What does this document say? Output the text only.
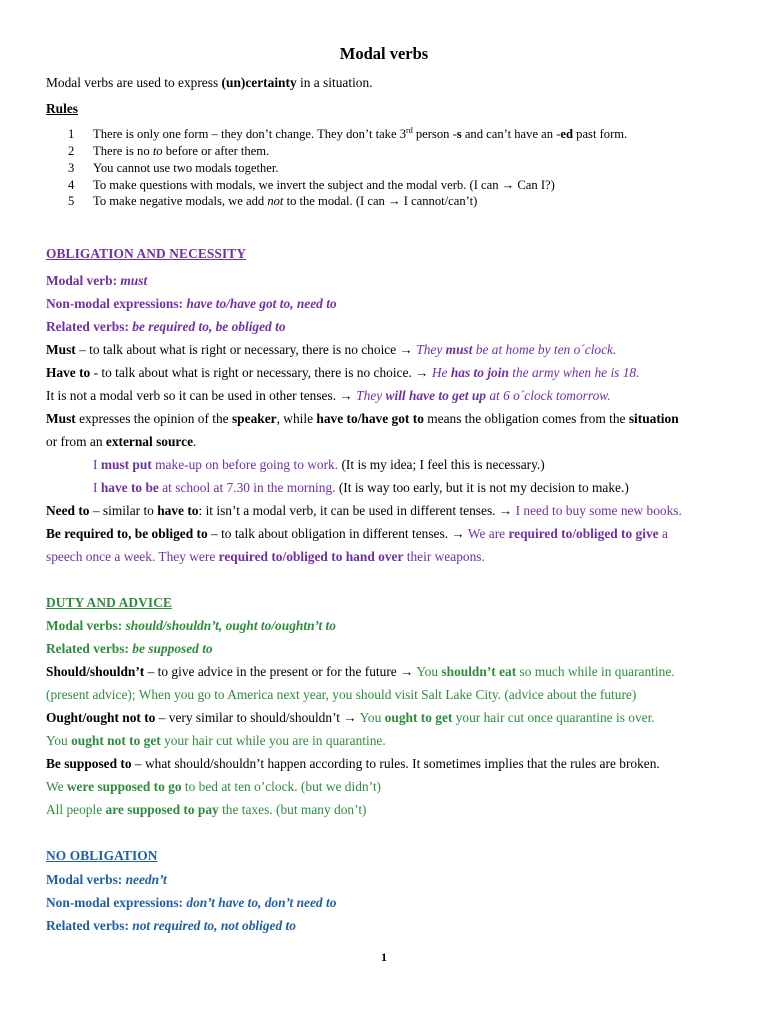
Modal verbs
Modal verbs are used to express (un)certainty in a situation.
Rules
1 There is only one form – they don’t change. They don’t take 3rd person -s and can’t have an -ed past form.
2 There is no to before or after them.
3 You cannot use two modals together.
4 To make questions with modals, we invert the subject and the modal verb. (I can → Can I?)
5 To make negative modals, we add not to the modal. (I can → I cannot/can’t)
OBLIGATION AND NECESSITY
Modal verb: must
Non-modal expressions: have to/have got to, need to
Related verbs: be required to, be obliged to
Must – to talk about what is right or necessary, there is no choice → They must be at home by ten o´clock.
Have to - to talk about what is right or necessary, there is no choice. → He has to join the army when he is 18.
It is not a modal verb so it can be used in other tenses. → They will have to get up at 6 o´clock tomorrow.
Must expresses the opinion of the speaker, while have to/have got to means the obligation comes from the situation
or from an external source.
I must put make-up on before going to work. (It is my idea; I feel this is necessary.)
I have to be at school at 7.30 in the morning. (It is way too early, but it is not my decision to make.)
Need to – similar to have to: it isn’t a modal verb, it can be used in different tenses. → I need to buy some new books.
Be required to, be obliged to – to talk about obligation in different tenses. → We are required to/obliged to give a
speech once a week. They were required to/obliged to hand over their weapons.
DUTY AND ADVICE
Modal verbs: should/shouldn’t, ought to/oughtn’t to
Related verbs: be supposed to
Should/shouldn’t – to give advice in the present or for the future → You shouldn’t eat so much while in quarantine.
(present advice); When you go to America next year, you should visit Salt Lake City. (advice about the future)
Ought/ought not to – very similar to should/shouldn’t → You ought to get your hair cut once quarantine is over.
You ought not to get your hair cut while you are in quarantine.
Be supposed to – what should/shouldn’t happen according to rules. It sometimes implies that the rules are broken.
We were supposed to go to bed at ten o’clock. (but we didn’t)
All people are supposed to pay the taxes. (but many don’t)
NO OBLIGATION
Modal verbs: needn’t
Non-modal expressions: don’t have to, don’t need to
Related verbs: not required to, not obliged to
1
